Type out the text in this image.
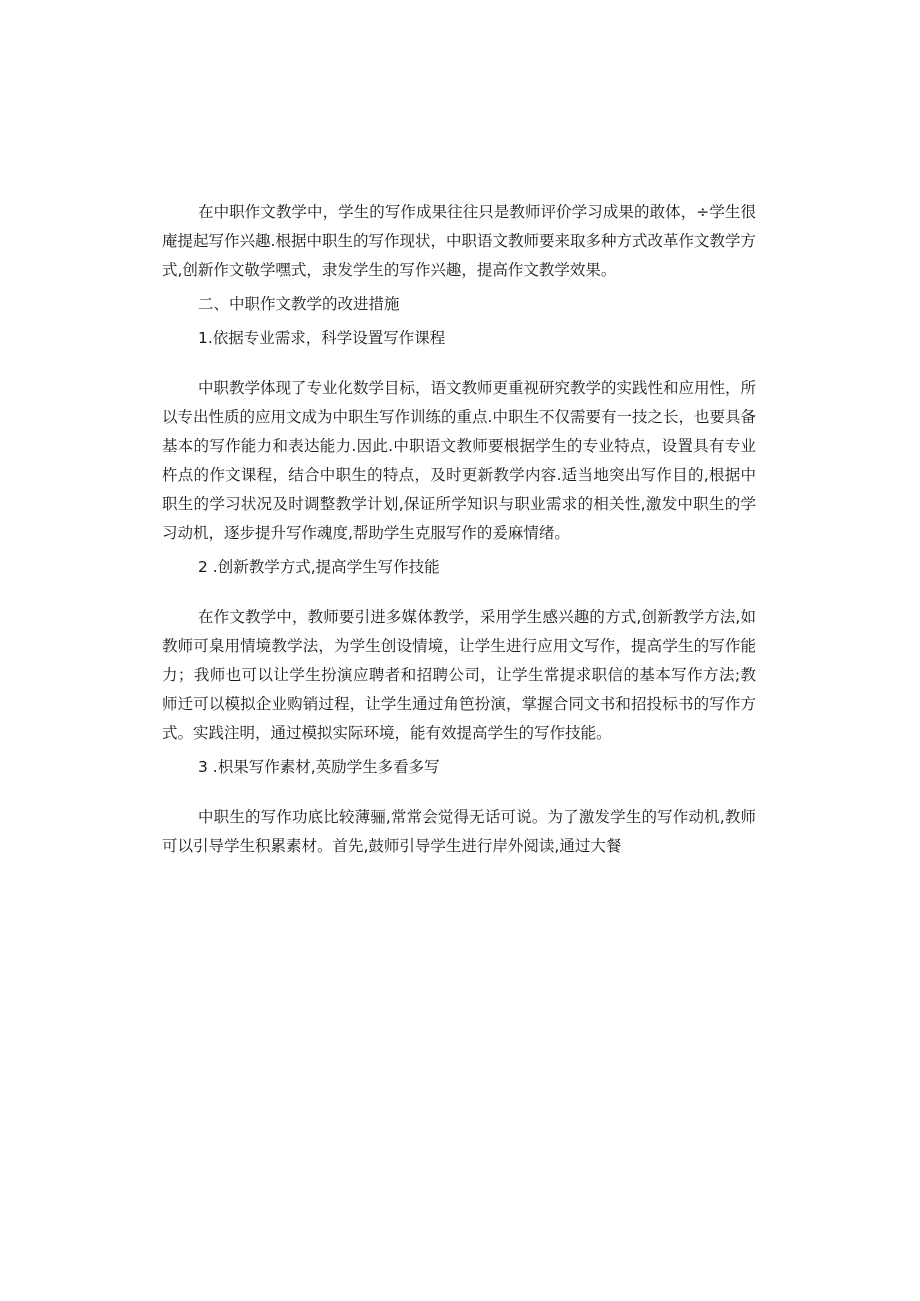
在中职作文教学中，学生的写作成果往往只是教师评价学习成果的敢体，÷学生很庵提起写作兴趣.根据中职生的写作现状，中职语文教师要来取多种方式改革作文教学方式,创新作文敬学嘿式，隶发学生的写作兴趣，提高作文教学效果。

二、中职作文教学的改进措施

1.依据专业需求，科学设置写作课程

中职教学体现了专业化数学目标，语文教师更重视研究教学的实践性和应用性，所以专出性质的应用文成为中职生写作训练的重点.中职生不仅需要有一技之长，也要具备基本的写作能力和表达能力.因此.中职语文教师要根据学生的专业特点，设置具有专业杵点的作文课程，结合中职生的特点，及时更新教学内容.适当地突出写作目的,根据中职生的学习状况及时调整教学计划,保证所学知识与职业需求的相关性,激发中职生的学习动机，逐步提升写作魂度,帮助学生克服写作的爰麻情绪。

2 .创新教学方式,提高学生写作技能

在作文教学中，教师要引进多媒体教学，采用学生感兴趣的方式,创新教学方法,如教师可臬用情境教学法，为学生创设情境，让学生进行应用文写作，提高学生的写作能力；我师也可以让学生扮演应聘者和招聘公司，让学生常提求职信的基本写作方法;教师迁可以模拟企业购销过程，让学生通过角笆扮演，掌握合同文书和招投标书的写作方式。实践注明，通过模拟实际环境，能有效提高学生的写作技能。

3 .枳果写作素材,英励学生多看多写

中职生的写作功底比较薄骊,常常会觉得无话可说。为了激发学生的写作动机,教师可以引导学生积累素材。首先,鼓师引导学生进行岸外阅读,通过大餐
